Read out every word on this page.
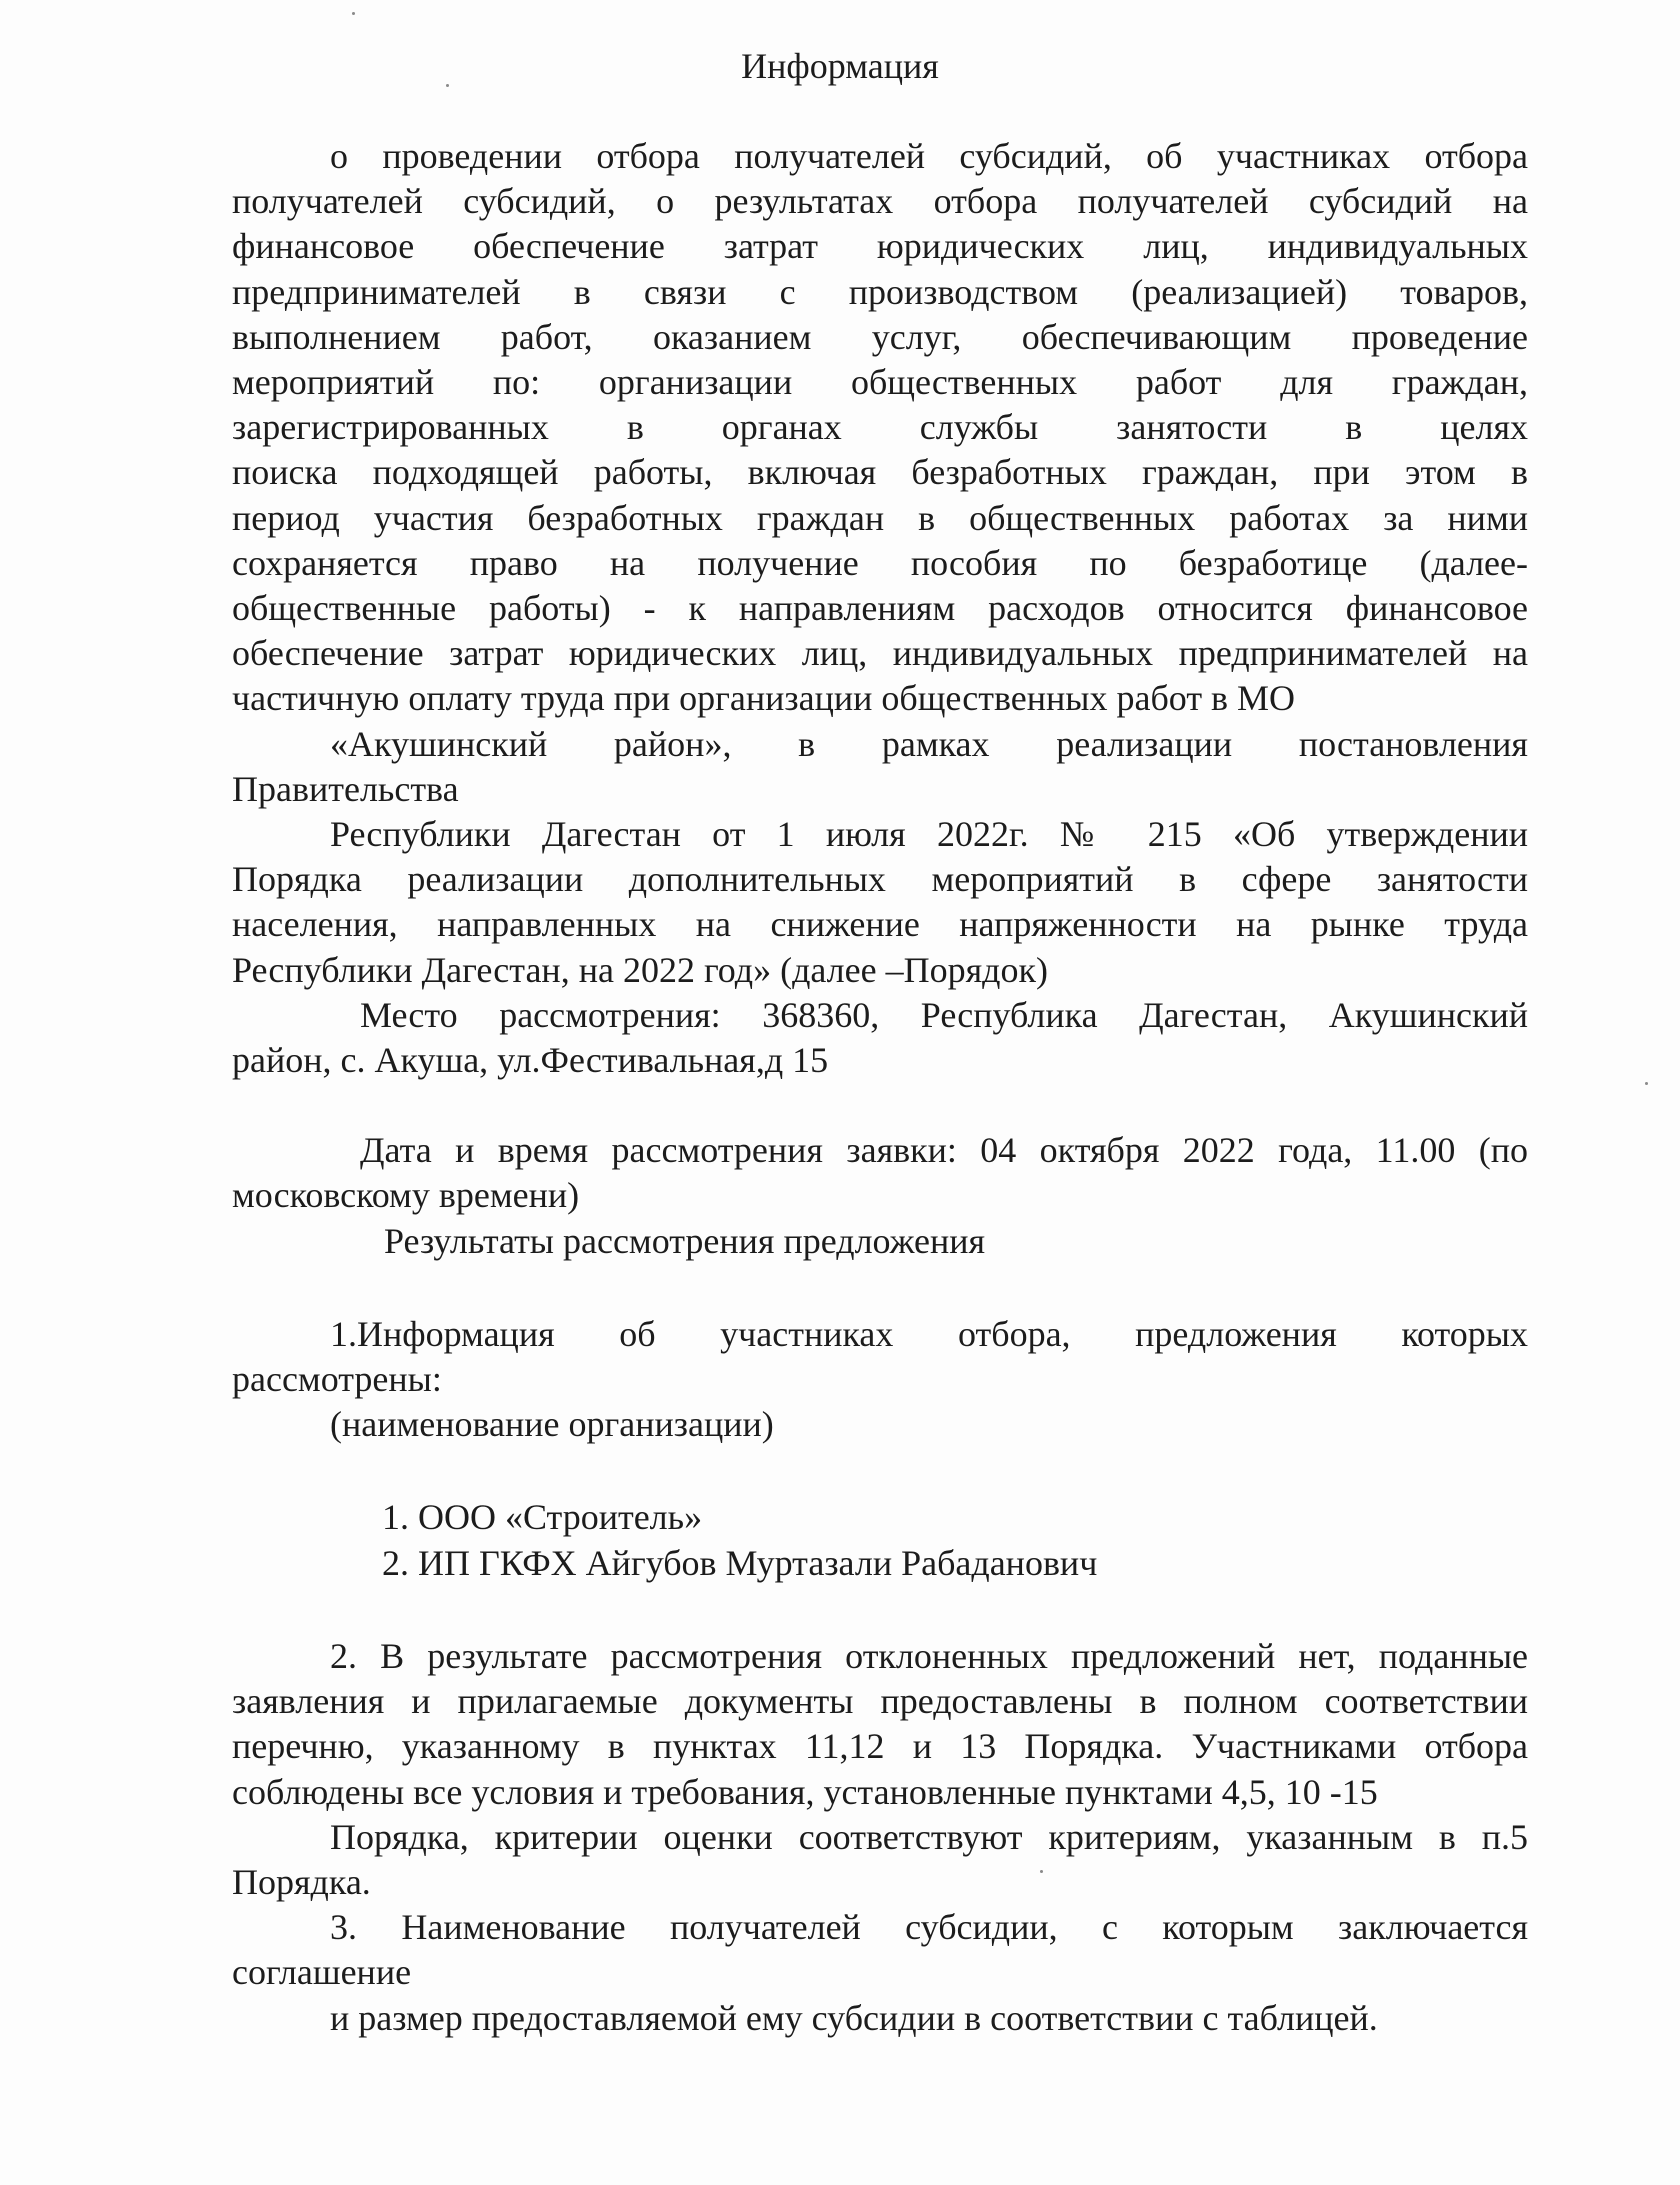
Информация

о проведении отбора получателей субсидий, об участниках отбора

получателей субсидий, о результатах отбора получателей субсидий на

финансовое обеспечение затрат юридических лиц, индивидуальных

предпринимателей в связи с производством (реализацией) товаров,

выполнением работ, оказанием услуг, обеспечивающим проведение

мероприятий по: организации общественных работ для граждан,

зарегистрированных в органах службы занятости в целях

поиска подходящей работы, включая безработных граждан, при этом в

период участия безработных граждан в общественных работах за ними

сохраняется право на получение пособия по безработице (далее-

общественные работы) - к направлениям расходов относится финансовое

обеспечение затрат юридических лиц, индивидуальных предпринимателей на

частичную оплату труда при организации общественных работ в МО

«Акушинский район», в рамках реализации постановления

Правительства

Республики Дагестан от 1 июля 2022г. № 215 «Об утверждении

Порядка реализации дополнительных мероприятий в сфере занятости

населения, направленных на снижение напряженности на рынке труда

Республики Дагестан, на 2022 год» (далее –Порядок)

Место рассмотрения: 368360, Республика Дагестан, Акушинский

район, с. Акуша, ул.Фестивальная,д 15

Дата и время рассмотрения заявки: 04 октября 2022 года, 11.00 (по

московскому времени)

Результаты рассмотрения предложения

1.Информация об участниках отбора, предложения которых

рассмотрены:

(наименование организации)

1. ООО «Строитель»

2. ИП ГКФХ Айгубов Муртазали Рабаданович

2. В результате рассмотрения отклоненных предложений нет, поданные

заявления и прилагаемые документы предоставлены в полном соответствии

перечню, указанному в пунктах 11,12 и 13 Порядка. Участниками отбора

соблюдены все условия и требования, установленные пунктами 4,5, 10 -15

Порядка, критерии оценки соответствуют критериям, указанным в п.5

Порядка.

3. Наименование получателей субсидии, с которым заключается

соглашение

и размер предоставляемой ему субсидии в соответствии с таблицей.
